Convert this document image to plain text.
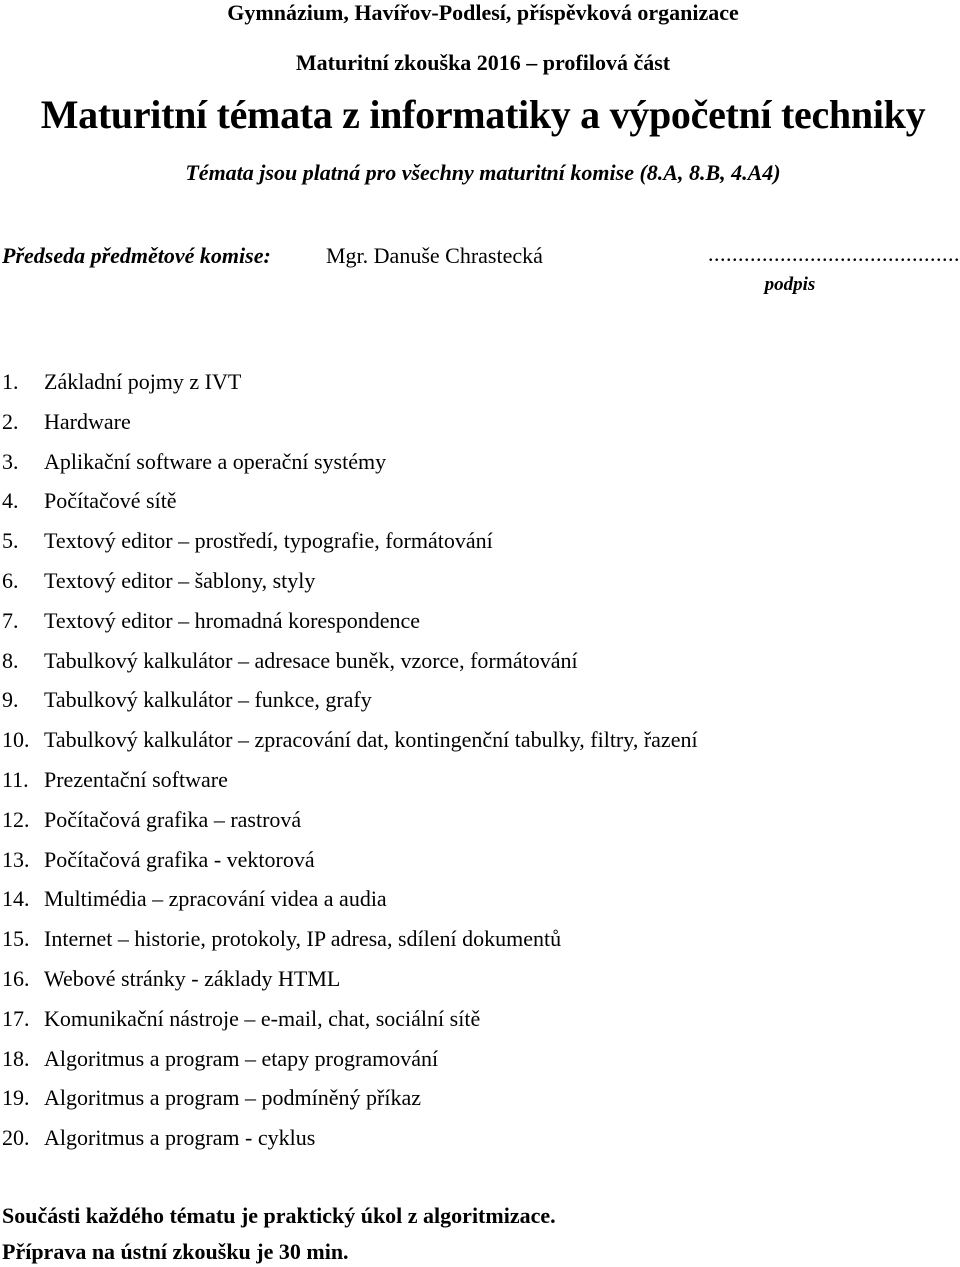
Gymnázium, Havířov-Podlesí, příspěvková organizace
Maturitní zkouška 2016 – profilová část
Maturitní témata z informatiky a výpočetní techniky
Témata jsou platná pro všechny maturitní komise (8.A, 8.B, 4.A4)
Předseda předmětové komise:	Mgr. Danuše Chrastecká	..........................................
podpis
1.	Základní pojmy z IVT
2.	Hardware
3.	Aplikační software a operační systémy
4.	Počítačové sítě
5.	Textový editor – prostředí, typografie, formátování
6.	Textový editor – šablony, styly
7.	Textový editor – hromadná korespondence
8.	Tabulkový kalkulátor – adresace buněk, vzorce, formátování
9.	Tabulkový kalkulátor – funkce, grafy
10. Tabulkový kalkulátor – zpracování dat, kontingenční tabulky, filtry, řazení
11. Prezentační software
12. Počítačová grafika – rastrová
13. Počítačová grafika - vektorová
14. Multimédia – zpracování videa a audia
15. Internet – historie, protokoly, IP adresa, sdílení dokumentů
16. Webové stránky - základy HTML
17. Komunikační nástroje – e-mail, chat, sociální sítě
18. Algoritmus a program – etapy programování
19. Algoritmus a program – podmíněný příkaz
20. Algoritmus a program - cyklus
Součásti každého tématu je praktický úkol z algoritmizace.
Příprava na ústní zkoušku je 30 min.
